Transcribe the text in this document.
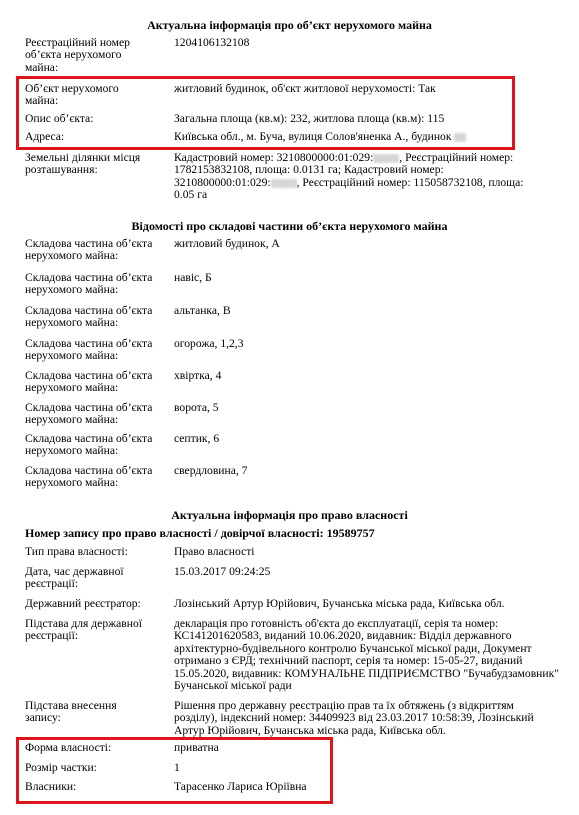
Актуальна інформація про об’єкт нерухомого майна
Реєстраційний номер об’єкта нерухомого майна:
1204106132108
Об’єкт нерухомого майна:
житловий будинок, об'єкт житлової нерухомості: Так
Опис об’єкта:	Загальна площа (кв.м): 232, житлова площа (кв.м): 115
Адреса:	Київська обл., м. Буча, вулиця Солов'яненка А., будинок
Земельні ділянки місця розташування:
Кадастровий номер: 3210800000:01:029: , Реєстраційний номер:
1782153832108, площа: 0.0131 га; Кадастровий номер:
3210800000:01:029: , Реєстраційний номер: 115058732108, площа:
0.05 га
Відомості про складові частини об’єкта нерухомого майна
Складова частина об’єкта нерухомого майна:
житловий будинок, А
Складова частина об’єкта нерухомого майна:
навіс, Б
Складова частина об’єкта нерухомого майна:
альтанка, В
Складова частина об’єкта нерухомого майна:
огорожа, 1,2,3
Складова частина об’єкта нерухомого майна:
хвіртка, 4
Складова частина об’єкта нерухомого майна:
ворота, 5
Складова частина об’єкта нерухомого майна:
септик, 6
Складова частина об’єкта нерухомого майна:
свердловина, 7
Актуальна інформація про право власності
Номер запису про право власності / довірчої власності: 19589757
Тип права власності:	Право власності
Дата, час державної реєстрації:
15.03.2017 09:24:25
Державний реєстратор:	Лозінський Артур Юрійович, Бучанська міська рада, Київська обл.
Підстава для державної реєстрації:
декларація про готовність об'єкта до експлуатації, серія та номер: КС141201620583, виданий 10.06.2020, видавник: Відділ державного архітектурно-будівельного контролю Бучанської міської ради, Документ отримано з ЄРД; технічний паспорт, серія та номер: 15-05-27, виданий 15.05.2020, видавник: КОМУНАЛЬНЕ ПІДПРИЄМСТВО "Бучабудзамовник" Бучанської міської ради
Підстава внесення запису:
Рішення про державну реєстрацію прав та їх обтяжень (з відкриттям розділу), індексний номер: 34409923 від 23.03.2017 10:58:39, Лозінський Артур Юрійович, Бучанська міська рада, Київська обл.
Форма власності:	приватна
Розмір частки:	1
Власники:	Тарасенко Лариса Юріївна
